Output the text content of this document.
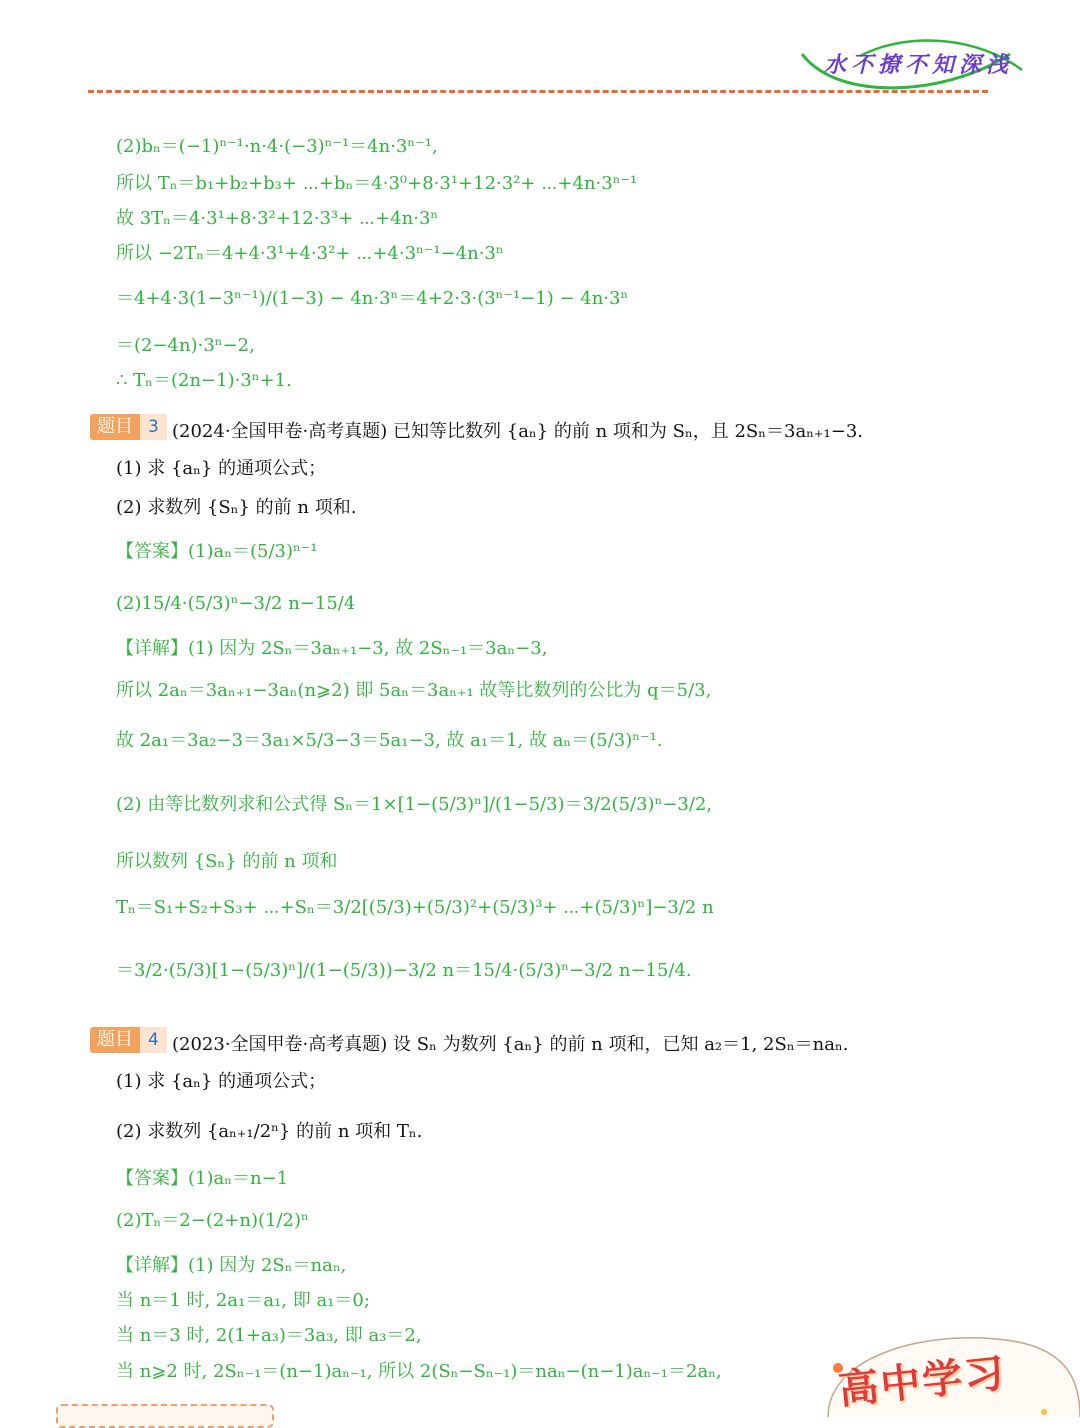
水不撩不知深浅
(2)bₙ＝(−1)ⁿ⁻¹·n·4·(−3)ⁿ⁻¹＝4n·3ⁿ⁻¹,
所以 Tₙ＝b₁+b₂+b₃+ ⋯+bₙ＝4·3⁰+8·3¹+12·3²+ ⋯+4n·3ⁿ⁻¹
故 3Tₙ＝4·3¹+8·3²+12·3³+ ⋯+4n·3ⁿ
所以 −2Tₙ＝4+4·3¹+4·3²+ ⋯+4·3ⁿ⁻¹−4n·3ⁿ
＝4+4·3(1−3ⁿ⁻¹)/(1−3) − 4n·3ⁿ＝4+2·3·(3ⁿ⁻¹−1) − 4n·3ⁿ
＝(2−4n)·3ⁿ−2,
∴ Tₙ＝(2n−1)·3ⁿ+1.
题目 3 (2024·全国甲卷·高考真题) 已知等比数列 {aₙ} 的前 n 项和为 Sₙ，且 2Sₙ＝3aₙ₊₁−3.
(1) 求 {aₙ} 的通项公式；
(2) 求数列 {Sₙ} 的前 n 项和.
【答案】(1)aₙ＝(5/3)ⁿ⁻¹
(2)15/4·(5/3)ⁿ−3/2 n−15/4
【详解】(1) 因为 2Sₙ＝3aₙ₊₁−3, 故 2Sₙ₋₁＝3aₙ−3,
所以 2aₙ＝3aₙ₊₁−3aₙ(n⩾2) 即 5aₙ＝3aₙ₊₁ 故等比数列的公比为 q＝5/3,
故 2a₁＝3a₂−3＝3a₁×5/3−3＝5a₁−3, 故 a₁＝1, 故 aₙ＝(5/3)ⁿ⁻¹.
(2) 由等比数列求和公式得 Sₙ＝1×[1−(5/3)ⁿ]/(1−5/3)＝3/2(5/3)ⁿ−3/2,
所以数列 {Sₙ} 的前 n 项和
Tₙ＝S₁+S₂+S₃+ ⋯+Sₙ＝3/2[(5/3)+(5/3)²+(5/3)³+ ⋯+(5/3)ⁿ]−3/2 n
＝3/2·(5/3)[1−(5/3)ⁿ]/(1−(5/3))−3/2 n＝15/4·(5/3)ⁿ−3/2 n−15/4.
题目 4 (2023·全国甲卷·高考真题) 设 Sₙ 为数列 {aₙ} 的前 n 项和，已知 a₂＝1, 2Sₙ＝naₙ.
(1) 求 {aₙ} 的通项公式；
(2) 求数列 {aₙ₊₁/2ⁿ} 的前 n 项和 Tₙ.
【答案】(1)aₙ＝n−1
(2)Tₙ＝2−(2+n)(1/2)ⁿ
【详解】(1) 因为 2Sₙ＝naₙ,
当 n＝1 时, 2a₁＝a₁, 即 a₁＝0;
当 n＝3 时, 2(1+a₃)＝3a₃, 即 a₃＝2,
当 n⩾2 时, 2Sₙ₋₁＝(n−1)aₙ₋₁, 所以 2(Sₙ−Sₙ₋₁)＝naₙ−(n−1)aₙ₋₁＝2aₙ,	高中学习
